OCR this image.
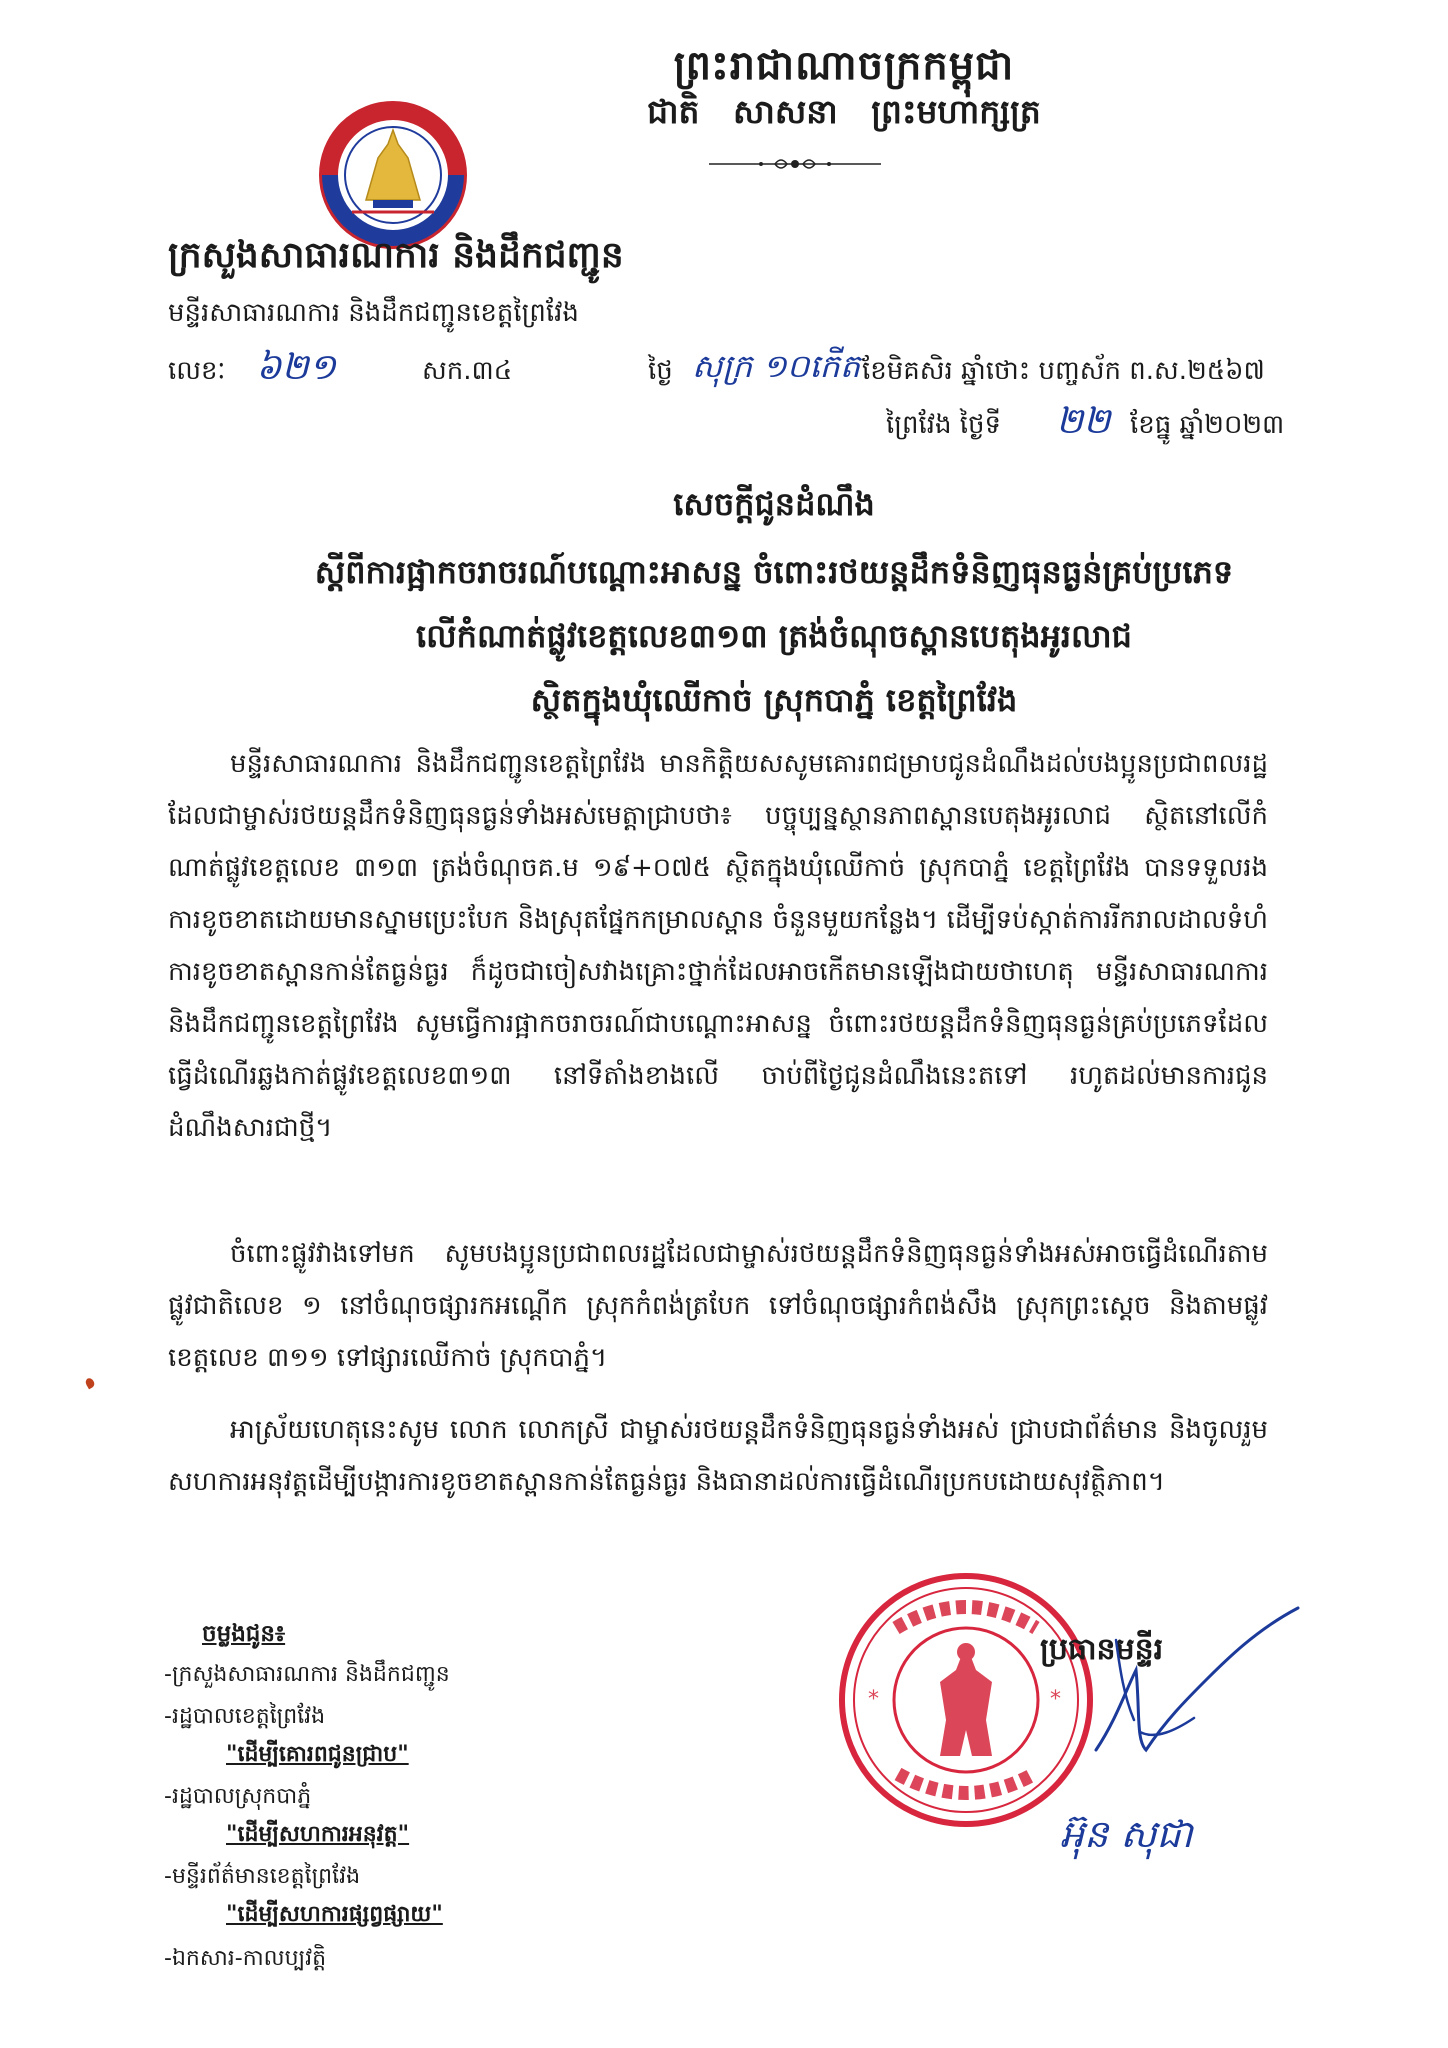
ព្រះរាជាណាចក្រកម្ពុជា
ជាតិ សាសនា ព្រះមហាក្សត្រ
ក្រសួងសាធារណការ និងដឹកជញ្ជូន
មន្ទីរសាធារណការ និងដឹកជញ្ជូនខេត្តព្រៃវែង
លេខៈ ៦២១	សក.៣៤	ថ្ងៃ សុក្រ ១០កើត ខែមិគសិរ ឆ្នាំថោះ បញ្ចស័ក ព.ស.២៥៦៧
ព្រៃវែង ថ្ងៃទី ២២ ខែធ្នូ ឆ្នាំ២០២៣
សេចក្តីជូនដំណឹង
ស្តីពីការផ្អាកចរាចរណ៍បណ្តោះអាសន្ន ចំពោះរថយន្តដឹកទំនិញធុនធ្ងន់គ្រប់ប្រភេទ
លើកំណាត់ផ្លូវខេត្តលេខ៣១៣ ត្រង់ចំណុចស្ពានបេតុងអូរលាជ
ស្ថិតក្នុងឃុំឈើកាច់ ស្រុកបាភ្នំ ខេត្តព្រៃវែង

មន្ទីរសាធារណការ និងដឹកជញ្ជូនខេត្តព្រៃវែង មានកិត្តិយសសូមគោរពជម្រាបជូនដំណឹងដល់បងប្អូនប្រជាពលរដ្ឋដែលជាម្ចាស់រថយន្តដឹកទំនិញធុនធ្ងន់ទាំងអស់មេត្តាជ្រាបថា៖ បច្ចុប្បន្នស្ថានភាពស្ពានបេតុងអូរលាជ ស្ថិតនៅលើកំណាត់ផ្លូវខេត្តលេខ ៣១៣ ត្រង់ចំណុចគ.ម ១៩+០៧៥ ស្ថិតក្នុងឃុំឈើកាច់ ស្រុកបាភ្នំ ខេត្តព្រៃវែង បានទទួលរងការខូចខាតដោយមានស្នាមប្រេះបែក និងស្រុតផ្នែកកម្រាលស្ពាន ចំនួនមួយកន្លែង។ ដើម្បីទប់ស្កាត់ការរីករាលដាលទំហំការខូចខាតស្ពានកាន់តែធ្ងន់ធ្ងរ ក៏ដូចជាចៀសវាងគ្រោះថ្នាក់ដែលអាចកើតមានឡើងជាយថាហេតុ មន្ទីរសាធារណការ និងដឹកជញ្ជូនខេត្តព្រៃវែង សូមធ្វើការផ្អាកចរាចរណ៍ជាបណ្តោះអាសន្ន ចំពោះរថយន្តដឹកទំនិញធុនធ្ងន់គ្រប់ប្រភេទដែលធ្វើដំណើរឆ្លងកាត់ផ្លូវខេត្តលេខ៣១៣ នៅទីតាំងខាងលើ ចាប់ពីថ្ងៃជូនដំណឹងនេះតទៅ រហូតដល់មានការជូនដំណឹងសារជាថ្មី។

ចំពោះផ្លូវវាងទៅមក សូមបងប្អូនប្រជាពលរដ្ឋដែលជាម្ចាស់រថយន្តដឹកទំនិញធុនធ្ងន់ទាំងអស់អាចធ្វើដំណើរតាមផ្លូវជាតិលេខ ១ នៅចំណុចផ្សារកអណ្តើក ស្រុកកំពង់ត្របែក ទៅចំណុចផ្សារកំពង់សឹង ស្រុកព្រះស្តេច និងតាមផ្លូវខេត្តលេខ ៣១១ ទៅផ្សារឈើកាច់ ស្រុកបាភ្នំ។

អាស្រ័យហេតុនេះសូម លោក លោកស្រី ជាម្ចាស់រថយន្តដឹកទំនិញធុនធ្ងន់ទាំងអស់ ជ្រាបជាព័ត៌មាន និងចូលរួមសហការអនុវត្តដើម្បីបង្ការការខូចខាតស្ពានកាន់តែធ្ងន់ធ្ងរ និងធានាដល់ការធ្វើដំណើរប្រកបដោយសុវត្ថិភាព។

ចម្លងជូន៖
-ក្រសួងសាធារណការ និងដឹកជញ្ជូន
-រដ្ឋបាលខេត្តព្រៃវែង
"ដើម្បីគោរពជូនជ្រាប"
-រដ្ឋបាលស្រុកបាភ្នំ
"ដើម្បីសហការអនុវត្ត"
-មន្ទីរព័ត៌មានខេត្តព្រៃវែង
"ដើម្បីសហការផ្សព្វផ្សាយ"
-ឯកសារ-កាលប្បវត្តិ
*	*
ប្រធានមន្ទីរ
អ៊ុន សុជា
